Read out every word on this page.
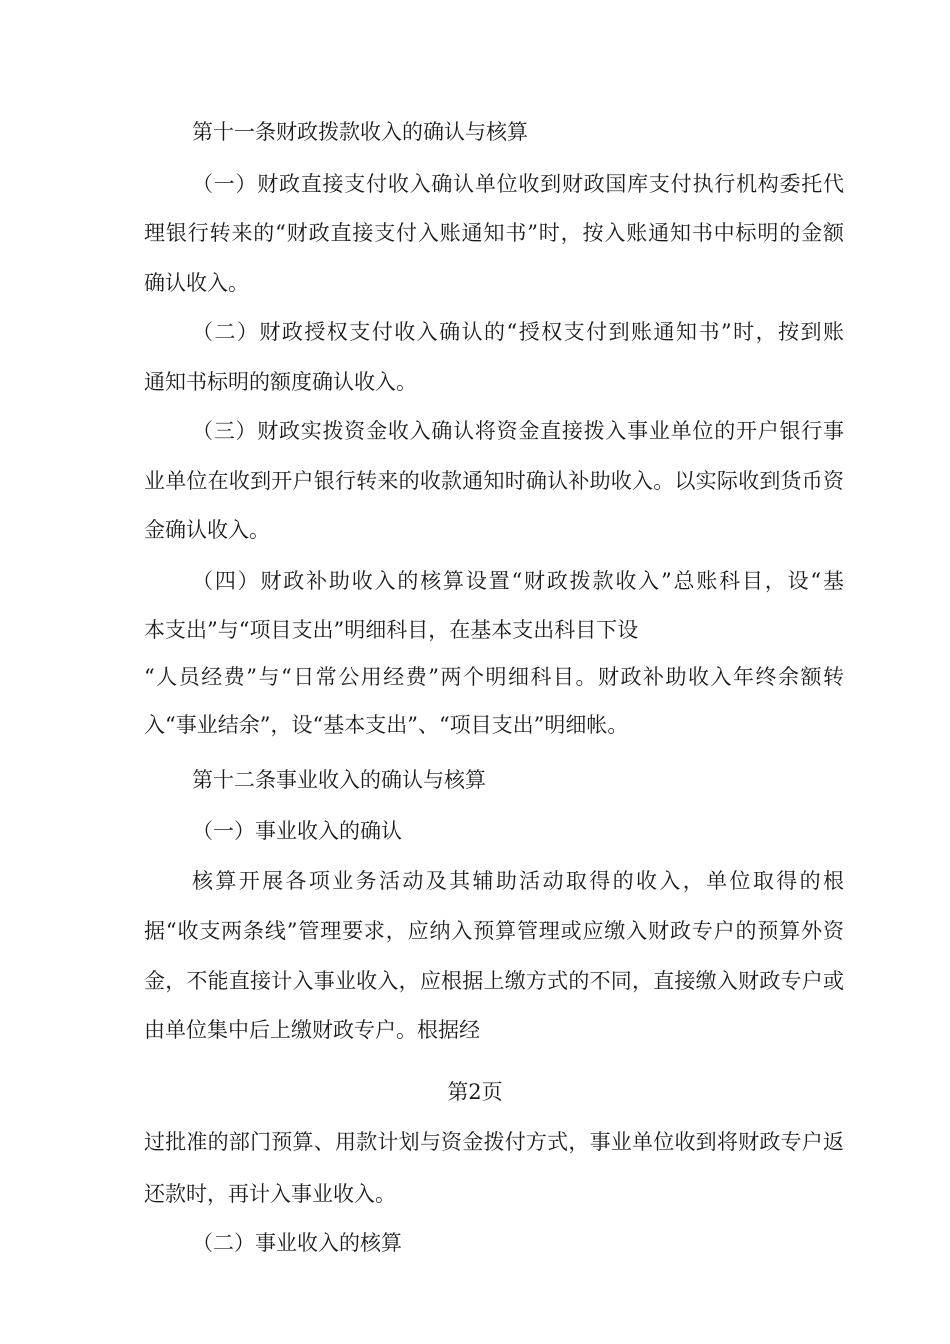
第十一条财政拨款收入的确认与核算
（一）财政直接支付收入确认单位收到财政国库支付执行机构委托代
理银行转来的“财政直接支付入账通知书”时，按入账通知书中标明的金额
确认收入。
（二）财政授权支付收入确认的“授权支付到账通知书”时，按到账
通知书标明的额度确认收入。
（三）财政实拨资金收入确认将资金直接拨入事业单位的开户银行事
业单位在收到开户银行转来的收款通知时确认补助收入。以实际收到货币资
金确认收入。
（四）财政补助收入的核算设置“财政拨款收入”总账科目，设“基
本支出”与“项目支出”明细科目，在基本支出科目下设
“人员经费”与“日常公用经费”两个明细科目。财政补助收入年终余额转
入“事业结余”，设“基本支出”、“项目支出”明细帐。
第十二条事业收入的确认与核算
（一）事业收入的确认
核算开展各项业务活动及其辅助活动取得的收入，单位取得的根
据“收支两条线”管理要求，应纳入预算管理或应缴入财政专户的预算外资
金，不能直接计入事业收入，应根据上缴方式的不同，直接缴入财政专户或
由单位集中后上缴财政专户。根据经
第2页
过批准的部门预算、用款计划与资金拨付方式，事业单位收到将财政专户返
还款时，再计入事业收入。
（二）事业收入的核算
